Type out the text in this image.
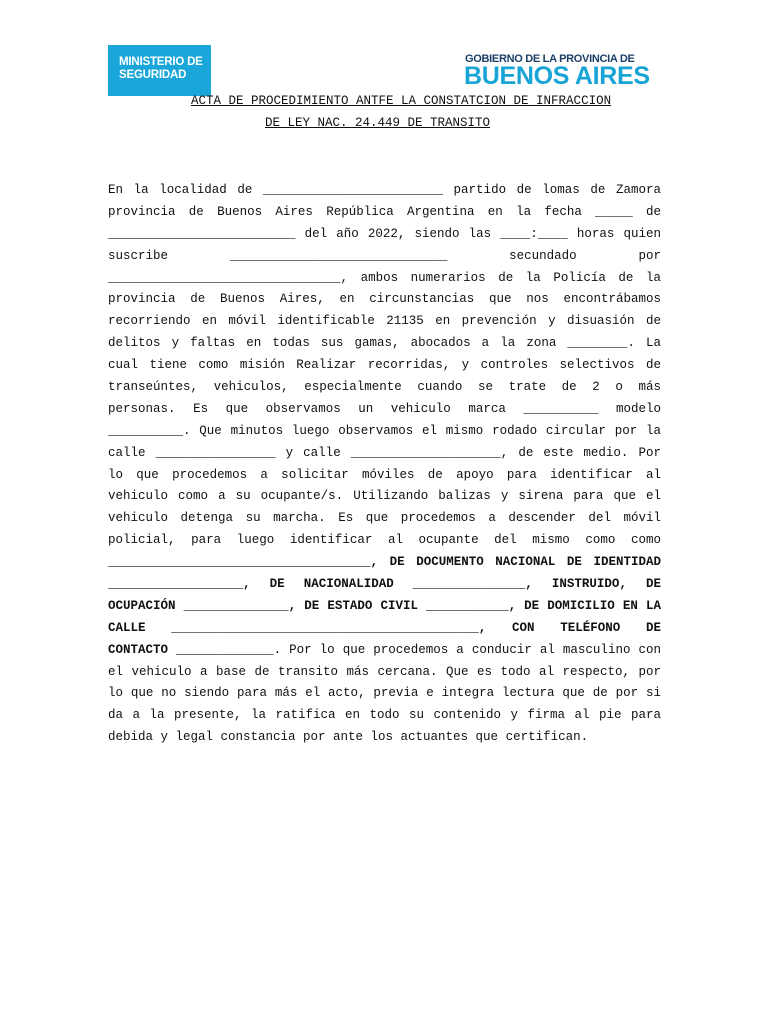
MINISTERIO DE
SEGURIDAD
GOBIERNO DE LA PROVINCIA DE
BUENOS AIRES
ACTA DE PROCEDIMIENTO ANTFE LA CONSTATCION DE INFRACCION
DE LEY NAC. 24.449 DE TRANSITO
En la localidad de ________________________ partido de lomas de Zamora
provincia de Buenos Aires República Argentina en la fecha _____ de
_________________________ del año 2022, siendo las ____:____ horas quien
suscribe _____________________________ secundado por
_______________________________, ambos numerarios de la Policía de la
provincia de Buenos Aires, en circunstancias que nos encontrábamos
recorriendo en móvil identificable 21135 en prevención y disuasión de
delitos y faltas en todas sus gamas, abocados a la zona ________. La
cual tiene como misión Realizar recorridas, y controles selectivos de
transeúntes, vehiculos, especialmente cuando se trate de 2 o más
personas. Es que observamos un vehiculo marca __________ modelo
__________. Que minutos luego observamos el mismo rodado circular por la
calle ________________ y calle ____________________, de este medio. Por
lo que procedemos a solicitar móviles de apoyo para identificar al
vehiculo como a su ocupante/s. Utilizando balizas y sirena para que el
vehiculo detenga su marcha. Es que procedemos a descender del móvil
policial, para luego identificar al ocupante del mismo como como
___________________________________, DE DOCUMENTO NACIONAL DE IDENTIDAD
__________________, DE NACIONALIDAD _______________, INSTRUIDO, DE
OCUPACIÓN ______________, DE ESTADO CIVIL ___________, DE DOMICILIO EN LA
CALLE _________________________________________, CON TELÉFONO DE
CONTACTO _____________. Por lo que procedemos a conducir al masculino con
el vehiculo a base de transito más cercana. Que es todo al respecto, por
lo que no siendo para más el acto, previa e integra lectura que de por si
da a la presente, la ratifica en todo su contenido y firma al pie para
debida y legal constancia por ante los actuantes que certifican.
